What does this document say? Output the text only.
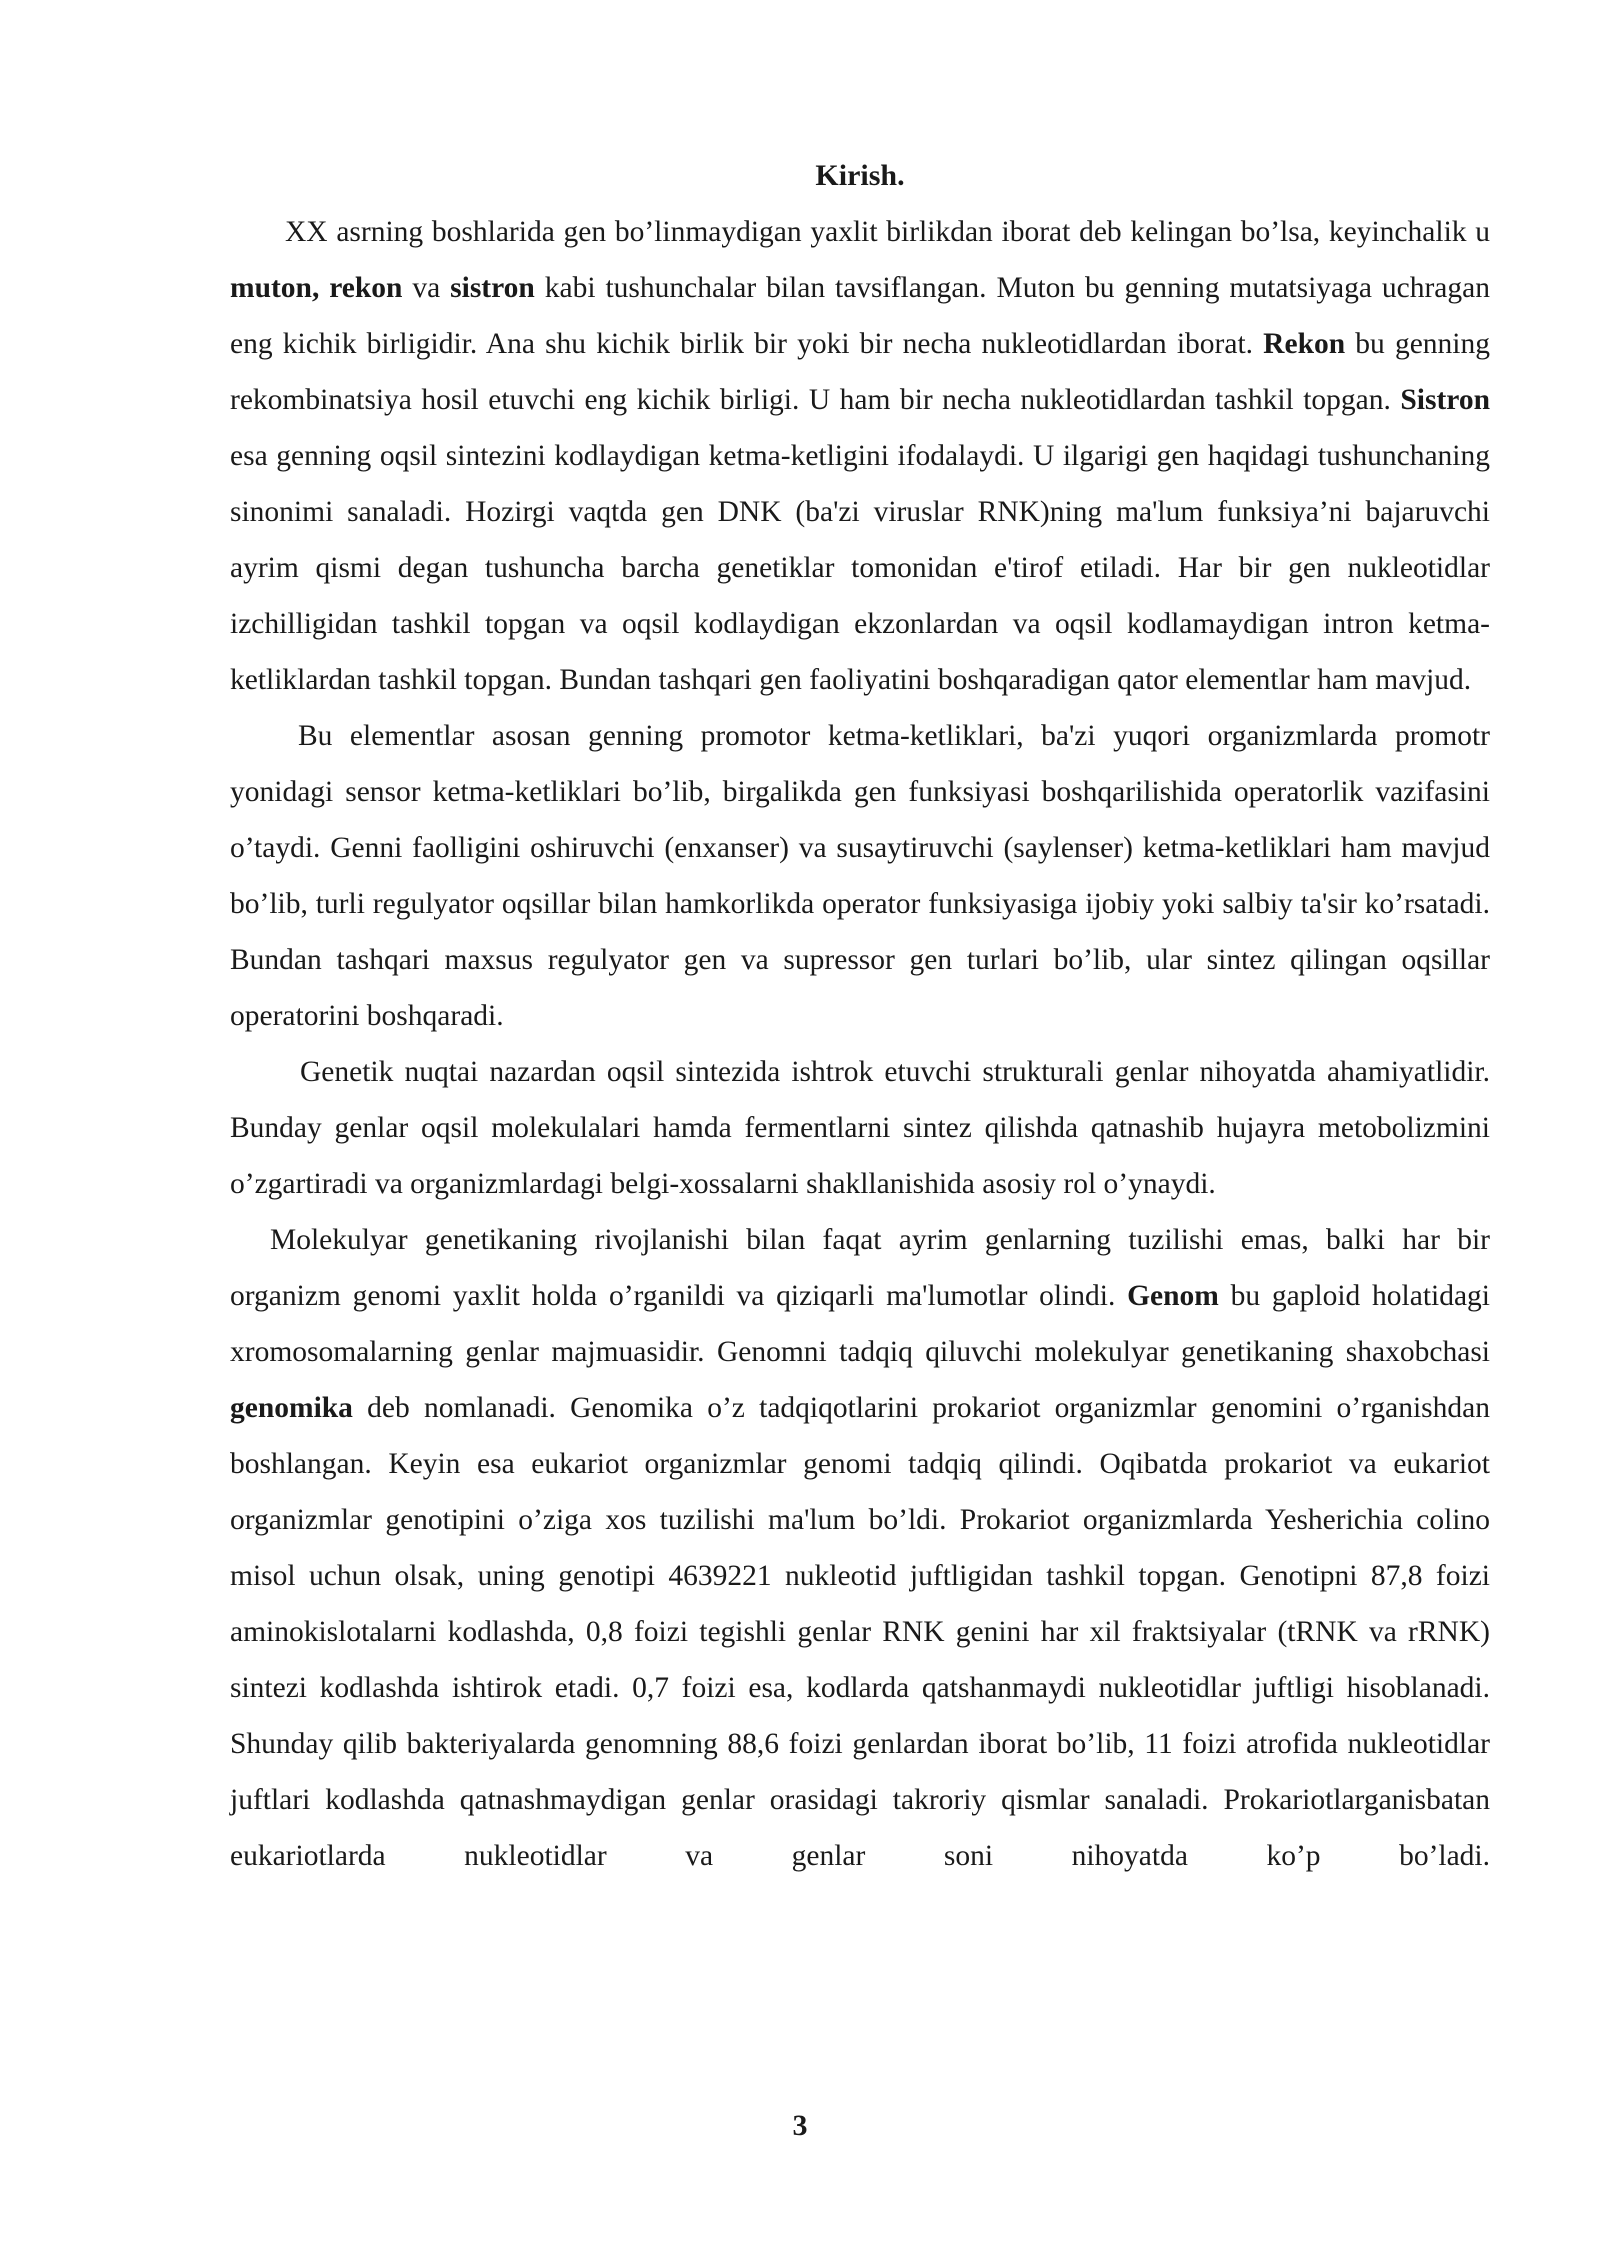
Kirish.

XX asrning boshlarida gen bo’linmaydigan yaxlit birlikdan iborat deb kelingan bo’lsa, keyinchalik u muton, rekon va sistron kabi tushunchalar bilan tavsiflangan. Muton bu genning mutatsiyaga uchragan eng kichik birligidir. Ana shu kichik birlik bir yoki bir necha nukleotidlardan iborat. Rekon bu genning rekombinatsiya hosil etuvchi eng kichik birligi. U ham bir necha nukleotidlardan tashkil topgan. Sistron esa genning oqsil sintezini kodlaydigan ketma-ketligini ifodalaydi. U ilgarigi gen haqidagi tushunchaning sinonimi sanaladi. Hozirgi vaqtda gen DNK (ba'zi viruslar RNK)ning ma'lum funksiya’ni bajaruvchi ayrim qismi degan tushuncha barcha genetiklar tomonidan e'tirof etiladi. Har bir gen nukleotidlar izchilligidan tashkil topgan va oqsil kodlaydigan ekzonlardan va oqsil kodlamaydigan intron ketma-ketliklardan tashkil topgan. Bundan tashqari gen faoliyatini boshqaradigan qator elementlar ham mavjud.

Bu elementlar asosan genning promotor ketma-ketliklari, ba'zi yuqori organizmlarda promotr yonidagi sensor ketma-ketliklari bo’lib, birgalikda gen funksiyasi boshqarilishida operatorlik vazifasini o’taydi. Genni faolligini oshiruvchi (enxanser) va susaytiruvchi (saylenser) ketma-ketliklari ham mavjud bo’lib, turli regulyator oqsillar bilan hamkorlikda operator funksiyasiga ijobiy yoki salbiy ta'sir ko’rsatadi. Bundan tashqari maxsus regulyator gen va supressor gen turlari bo’lib, ular sintez qilingan oqsillar operatorini boshqaradi.

Genetik nuqtai nazardan oqsil sintezida ishtrok etuvchi strukturali genlar nihoyatda ahamiyatlidir. Bunday genlar oqsil molekulalari hamda fermentlarni sintez qilishda qatnashib hujayra metobolizmini o’zgartiradi va organizmlardagi belgi-xossalarni shakllanishida asosiy rol o’ynaydi.

Molekulyar genetikaning rivojlanishi bilan faqat ayrim genlarning tuzilishi emas, balki har bir organizm genomi yaxlit holda o’rganildi va qiziqarli ma'lumotlar olindi. Genom bu gaploid holatidagi xromosomalarning genlar majmuasidir. Genomni tadqiq qiluvchi molekulyar genetikaning shaxobchasi genomika deb nomlanadi. Genomika o’z tadqiqotlarini prokariot organizmlar genomini o’rganishdan boshlangan. Keyin esa eukariot organizmlar genomi tadqiq qilindi. Oqibatda prokariot va eukariot organizmlar genotipini o’ziga xos tuzilishi ma'lum bo’ldi. Prokariot organizmlarda Yesherichia colino misol uchun olsak, uning genotipi 4639221 nukleotid juftligidan tashkil topgan. Genotipni 87,8 foizi aminokislotalarni kodlashda, 0,8 foizi tegishli genlar RNK genini har xil fraktsiyalar (tRNK va rRNK) sintezi kodlashda ishtirok etadi. 0,7 foizi esa, kodlarda qatshanmaydi nukleotidlar juftligi hisoblanadi. Shunday qilib bakteriyalarda genomning 88,6 foizi genlardan iborat bo’lib, 11 foizi atrofida nukleotidlar juftlari kodlashda qatnashmaydigan genlar orasidagi takroriy qismlar sanaladi. Prokariotlarganisbatan eukariotlarda nukleotidlar va genlar soni nihoyatda ko’p bo’ladi.

3
